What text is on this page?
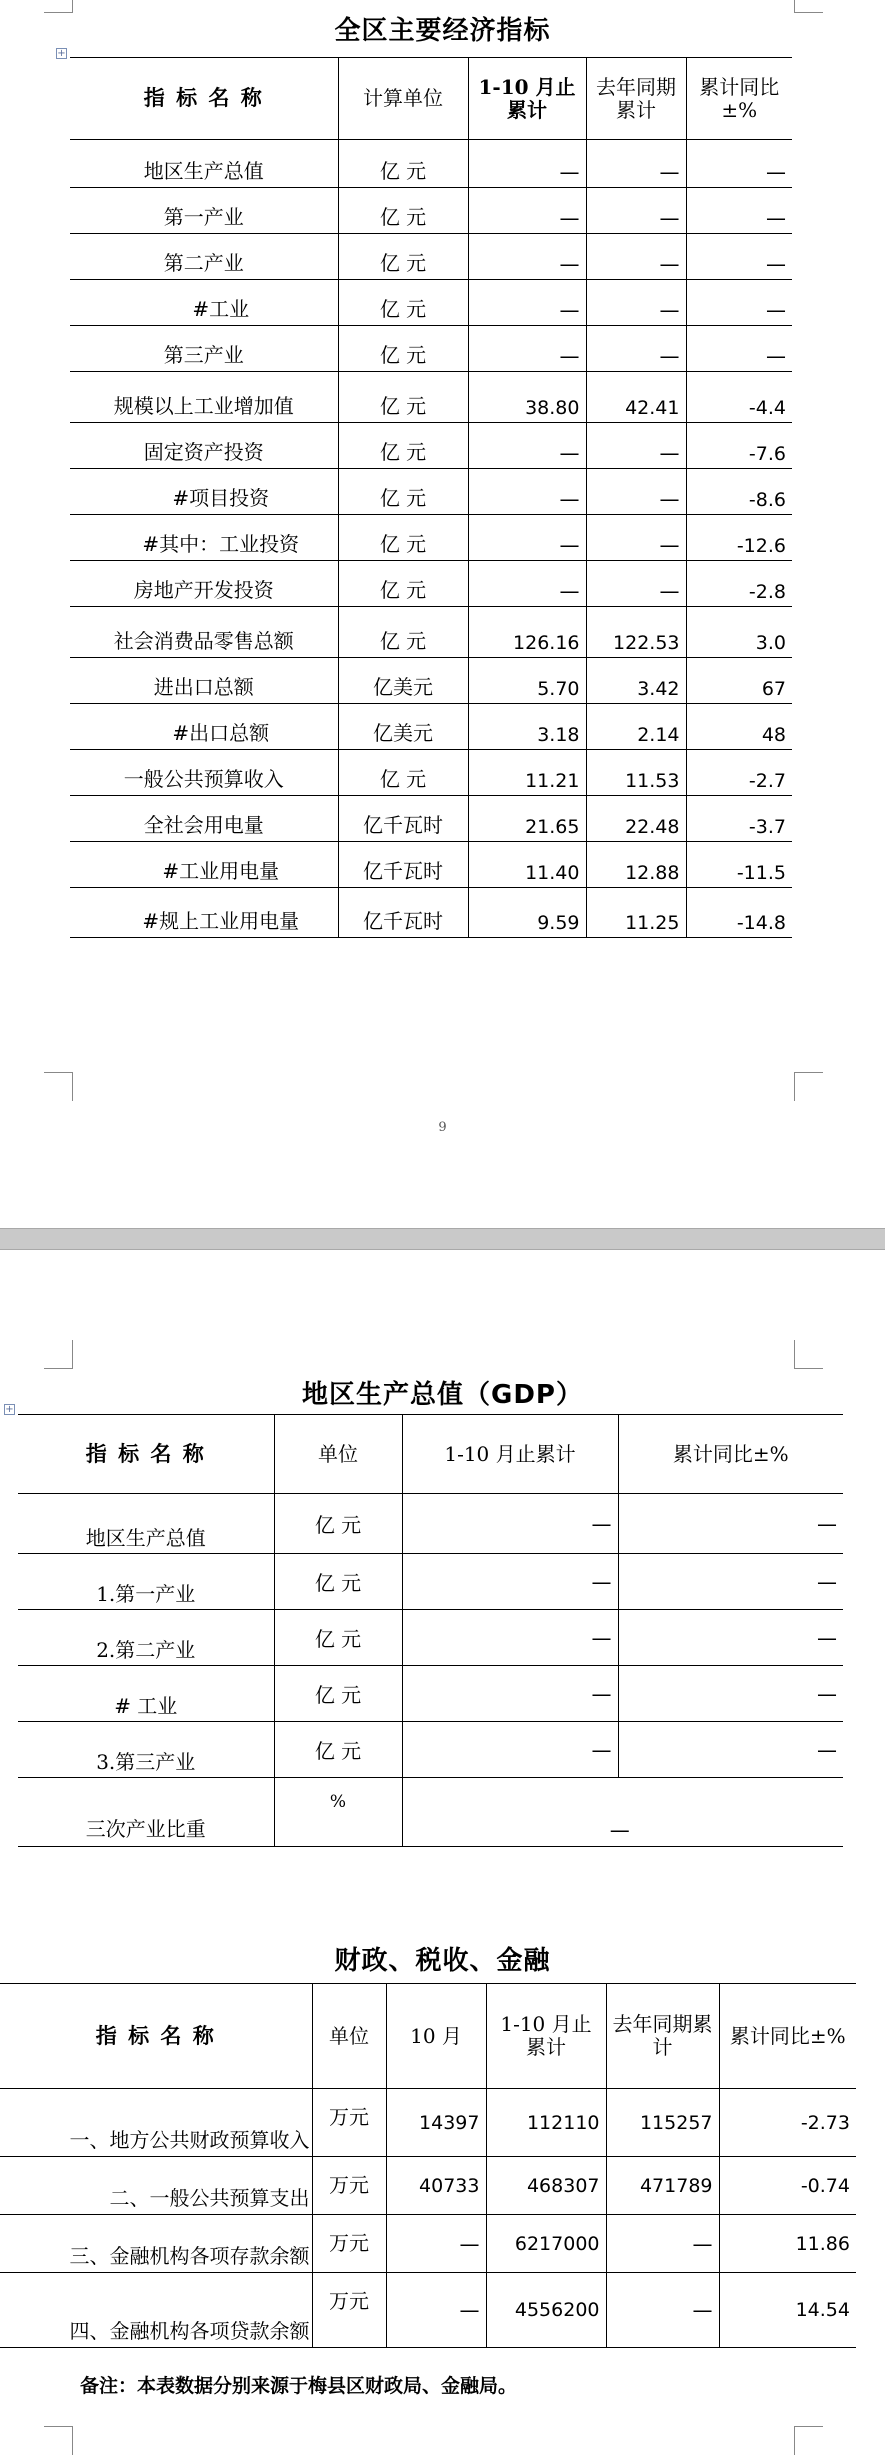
全区主要经济指标
+
指 标 名 称	计算单位	1-10 月止累计	去年同期累计	累计同比±%
地区生产总值	亿 元	—	—	—
第一产业	亿 元	—	—	—
第二产业	亿 元	—	—	—
#工业	亿 元	—	—	—
第三产业	亿 元	—	—	—
规模以上工业增加值	亿 元	38.80	42.41	-4.4
固定资产投资	亿 元	—	—	-7.6
#项目投资	亿 元	—	—	-8.6
#其中：工业投资	亿 元	—	—	-12.6
房地产开发投资	亿 元	—	—	-2.8
社会消费品零售总额	亿 元	126.16	122.53	3.0
进出口总额	亿美元	5.70	3.42	67
#出口总额	亿美元	3.18	2.14	48
一般公共预算收入	亿 元	11.21	11.53	-2.7
全社会用电量	亿千瓦时	21.65	22.48	-3.7
#工业用电量	亿千瓦时	11.40	12.88	-11.5
#规上工业用电量	亿千瓦时	9.59	11.25	-14.8
9
地区生产总值（GDP）
+
指 标 名 称	单位	1-10 月止累计	累计同比±%
地区生产总值	亿 元	—	—
1.第一产业	亿 元	—	—
2.第二产业	亿 元	—	—
# 工业	亿 元	—	—
3.第三产业	亿 元	—	—
三次产业比重	%	—	
财政、税收、金融
指 标 名 称	单位	10 月	1-10 月止累计	去年同期累计	累计同比±%
一、地方公共财政预算收入	万元	14397	112110	115257	-2.73
二、一般公共预算支出	万元	40733	468307	471789	-0.74
三、金融机构各项存款余额	万元	—	6217000	—	11.86
四、金融机构各项贷款余额	万元	—	4556200	—	14.54
备注：本表数据分别来源于梅县区财政局、金融局。
